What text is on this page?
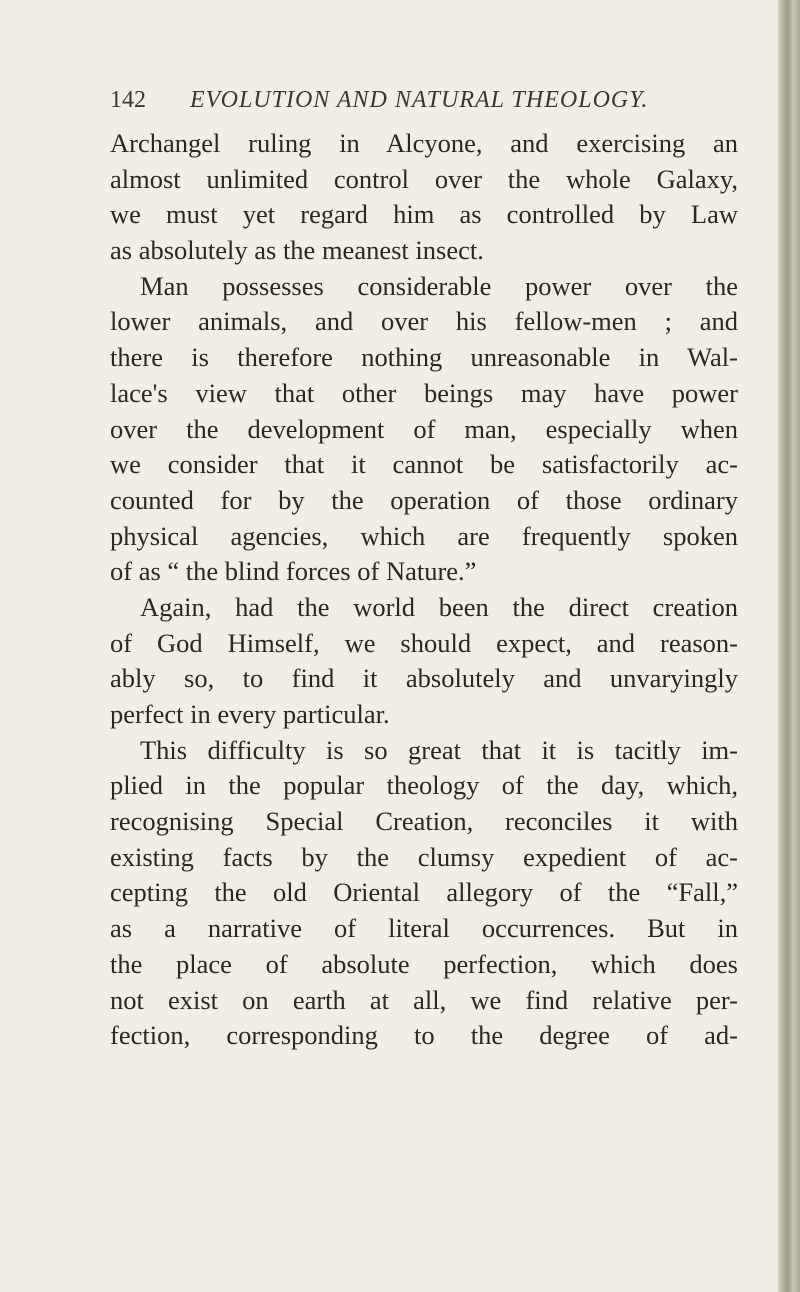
142 EVOLUTION AND NATURAL THEOLOGY.
Archangel ruling in Alcyone, and exercising an
almost unlimited control over the whole Galaxy,
we must yet regard him as controlled by Law
as absolutely as the meanest insect.
Man possesses considerable power over the
lower animals, and over his fellow-men ; and
there is therefore nothing unreasonable in Wal-
lace's view that other beings may have power
over the development of man, especially when
we consider that it cannot be satisfactorily ac-
counted for by the operation of those ordinary
physical agencies, which are frequently spoken
of as “ the blind forces of Nature.”
Again, had the world been the direct creation
of God Himself, we should expect, and reason-
ably so, to find it absolutely and unvaryingly
perfect in every particular.
This difficulty is so great that it is tacitly im-
plied in the popular theology of the day, which,
recognising Special Creation, reconciles it with
existing facts by the clumsy expedient of ac-
cepting the old Oriental allegory of the “Fall,”
as a narrative of literal occurrences. But in
the place of absolute perfection, which does
not exist on earth at all, we find relative per-
fection, corresponding to the degree of ad-
